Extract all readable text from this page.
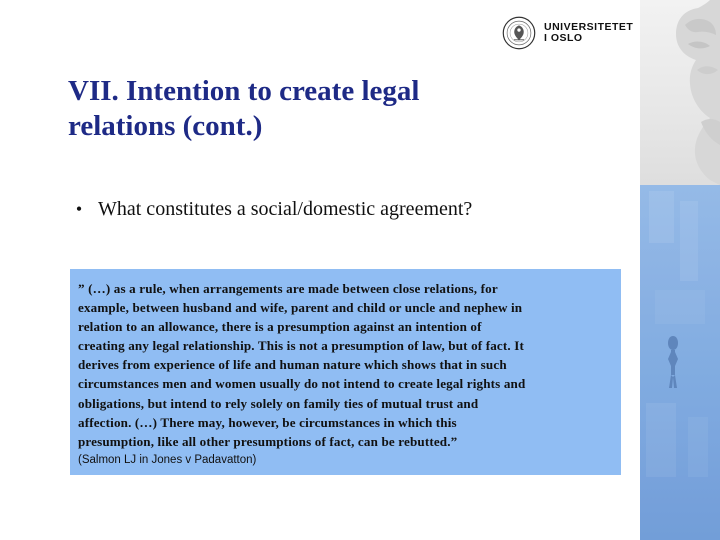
UNIVERSITETET
I OSLO
VII. Intention to create legal
relations (cont.)
• What constitutes a social/domestic agreement?

” (…) as a rule, when arrangements are made between close relations, for
example, between husband and wife, parent and child or uncle and nephew in
relation to an allowance, there is a presumption against an intention of
creating any legal relationship. This is not a presumption of law, but of fact. It
derives from experience of life and human nature which shows that in such
circumstances men and women usually do not intend to create legal rights and
obligations, but intend to rely solely on family ties of mutual trust and
affection. (…) There may, however, be circumstances in which this
presumption, like all other presumptions of fact, can be rebutted.”

(Salmon LJ in Jones v Padavatton)
